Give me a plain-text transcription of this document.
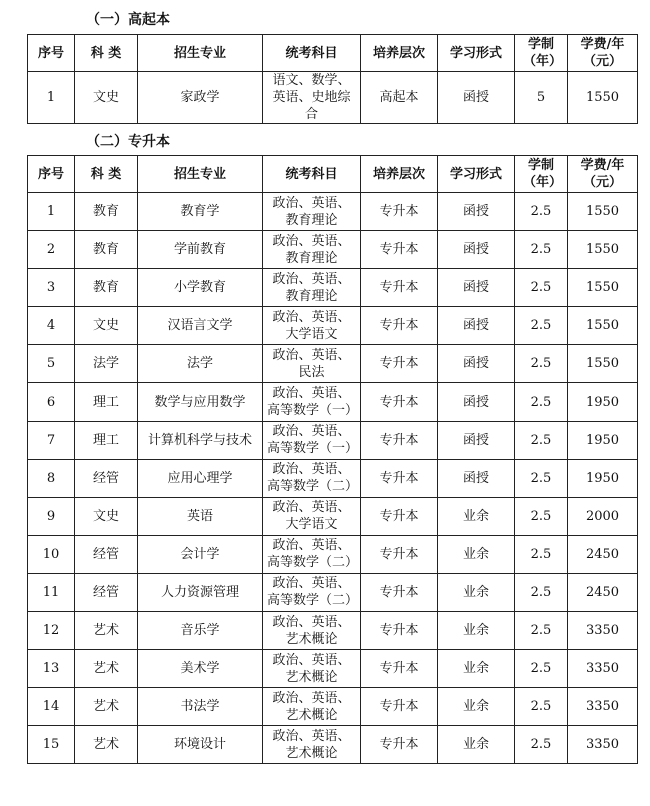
（一）高起本
序号	科 类	招生专业	统考科目	培养层次	学习形式	学制（年）	学费/年（元）
1	文史	家政学	语文、数学、英语、史地综合	高起本	函授	5	1550
（二）专升本
序号	科 类	招生专业	统考科目	培养层次	学习形式	学制（年）	学费/年（元）
1	教育	教育学	政治、英语、教育理论	专升本	函授	2.5	1550
2	教育	学前教育	政治、英语、教育理论	专升本	函授	2.5	1550
3	教育	小学教育	政治、英语、教育理论	专升本	函授	2.5	1550
4	文史	汉语言文学	政治、英语、大学语文	专升本	函授	2.5	1550
5	法学	法学	政治、英语、民法	专升本	函授	2.5	1550
6	理工	数学与应用数学	政治、英语、高等数学（一）	专升本	函授	2.5	1950
7	理工	计算机科学与技术	政治、英语、高等数学（一）	专升本	函授	2.5	1950
8	经管	应用心理学	政治、英语、高等数学（二）	专升本	函授	2.5	1950
9	文史	英语	政治、英语、大学语文	专升本	业余	2.5	2000
10	经管	会计学	政治、英语、高等数学（二）	专升本	业余	2.5	2450
11	经管	人力资源管理	政治、英语、高等数学（二）	专升本	业余	2.5	2450
12	艺术	音乐学	政治、英语、艺术概论	专升本	业余	2.5	3350
13	艺术	美术学	政治、英语、艺术概论	专升本	业余	2.5	3350
14	艺术	书法学	政治、英语、艺术概论	专升本	业余	2.5	3350
15	艺术	环境设计	政治、英语、艺术概论	专升本	业余	2.5	3350
